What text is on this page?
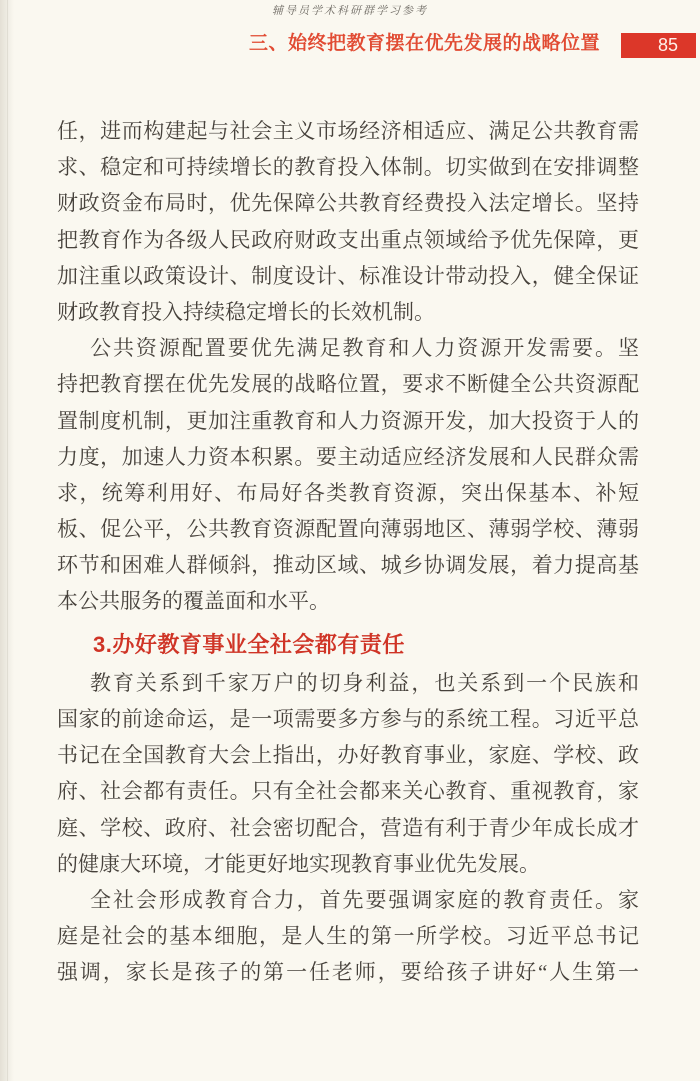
辅导员学术科研群学习参考
三、始终把教育摆在优先发展的战略位置	85
任，进而构建起与社会主义市场经济相适应、满足公共教育需
求、稳定和可持续增长的教育投入体制。切实做到在安排调整
财政资金布局时，优先保障公共教育经费投入法定增长。坚持
把教育作为各级人民政府财政支出重点领域给予优先保障，更
加注重以政策设计、制度设计、标准设计带动投入，健全保证
财政教育投入持续稳定增长的长效机制。
公共资源配置要优先满足教育和人力资源开发需要。坚
持把教育摆在优先发展的战略位置，要求不断健全公共资源配
置制度机制，更加注重教育和人力资源开发，加大投资于人的
力度，加速人力资本积累。要主动适应经济发展和人民群众需
求，统筹利用好、布局好各类教育资源，突出保基本、补短
板、促公平，公共教育资源配置向薄弱地区、薄弱学校、薄弱
环节和困难人群倾斜，推动区域、城乡协调发展，着力提高基
本公共服务的覆盖面和水平。
3.办好教育事业全社会都有责任
教育关系到千家万户的切身利益，也关系到一个民族和
国家的前途命运，是一项需要多方参与的系统工程。习近平总
书记在全国教育大会上指出，办好教育事业，家庭、学校、政
府、社会都有责任。只有全社会都来关心教育、重视教育，家
庭、学校、政府、社会密切配合，营造有利于青少年成长成才
的健康大环境，才能更好地实现教育事业优先发展。
全社会形成教育合力，首先要强调家庭的教育责任。家
庭是社会的基本细胞，是人生的第一所学校。习近平总书记
强调，家长是孩子的第一任老师，要给孩子讲好“人生第一
